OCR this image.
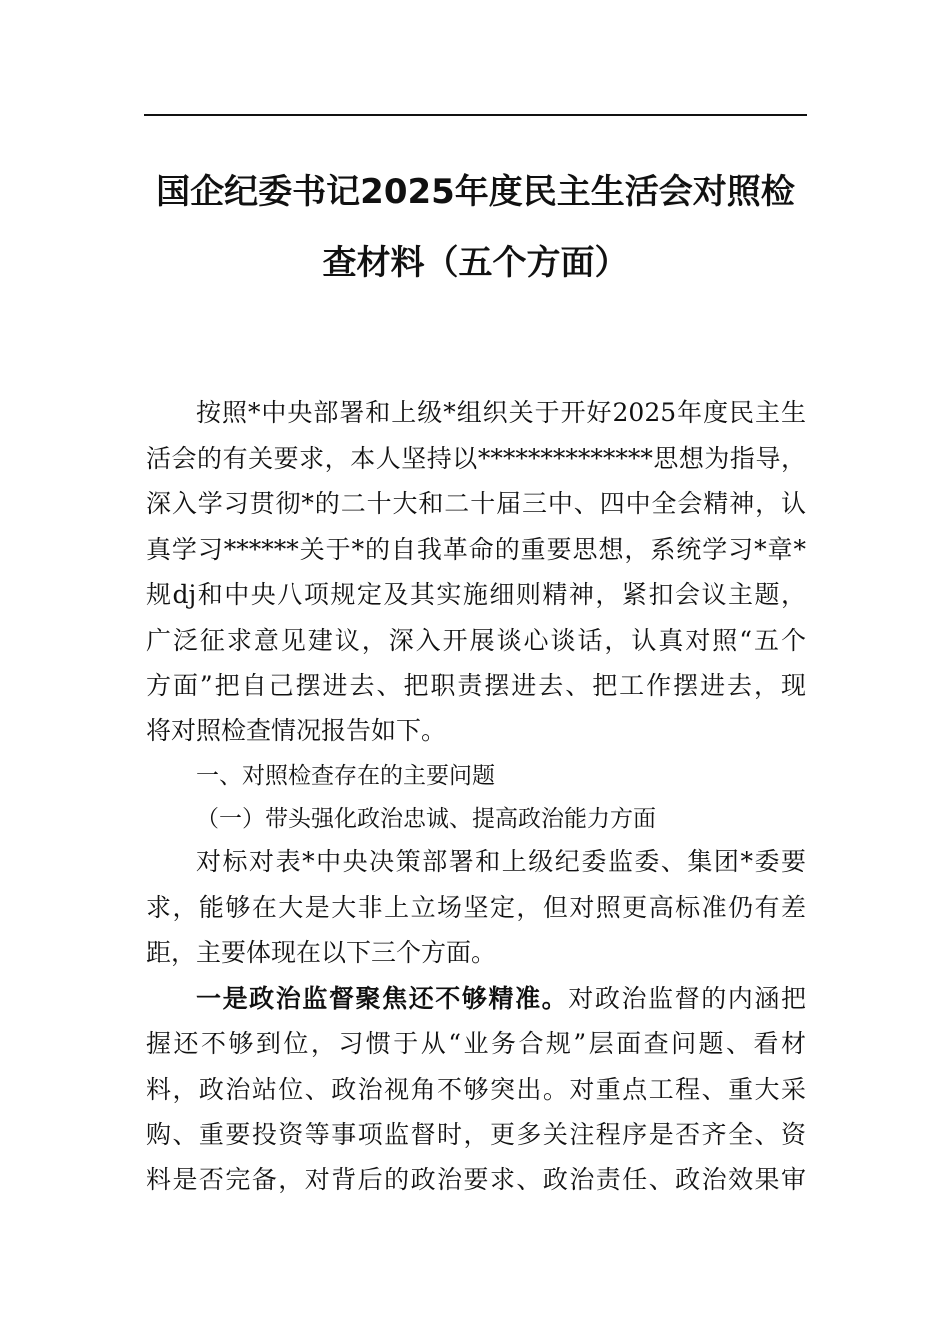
国企纪委书记2025年度民主生活会对照检
查材料（五个方面）
按照*中央部署和上级*组织关于开好2025年度民主生
活会的有关要求，本人坚持以**************思想为指导，
深入学习贯彻*的二十大和二十届三中、四中全会精神，认
真学习******关于*的自我革命的重要思想，系统学习*章*
规dj和中央八项规定及其实施细则精神，紧扣会议主题，
广泛征求意见建议，深入开展谈心谈话，认真对照“五个
方面”把自己摆进去、把职责摆进去、把工作摆进去，现
将对照检查情况报告如下。
一、对照检查存在的主要问题
（一）带头强化政治忠诚、提高政治能力方面
对标对表*中央决策部署和上级纪委监委、集团*委要
求，能够在大是大非上立场坚定，但对照更高标准仍有差
距，主要体现在以下三个方面。
一是政治监督聚焦还不够精准。对政治监督的内涵把
握还不够到位，习惯于从“业务合规”层面查问题、看材
料，政治站位、政治视角不够突出。对重点工程、重大采
购、重要投资等事项监督时，更多关注程序是否齐全、资
料是否完备，对背后的政治要求、政治责任、政治效果审
